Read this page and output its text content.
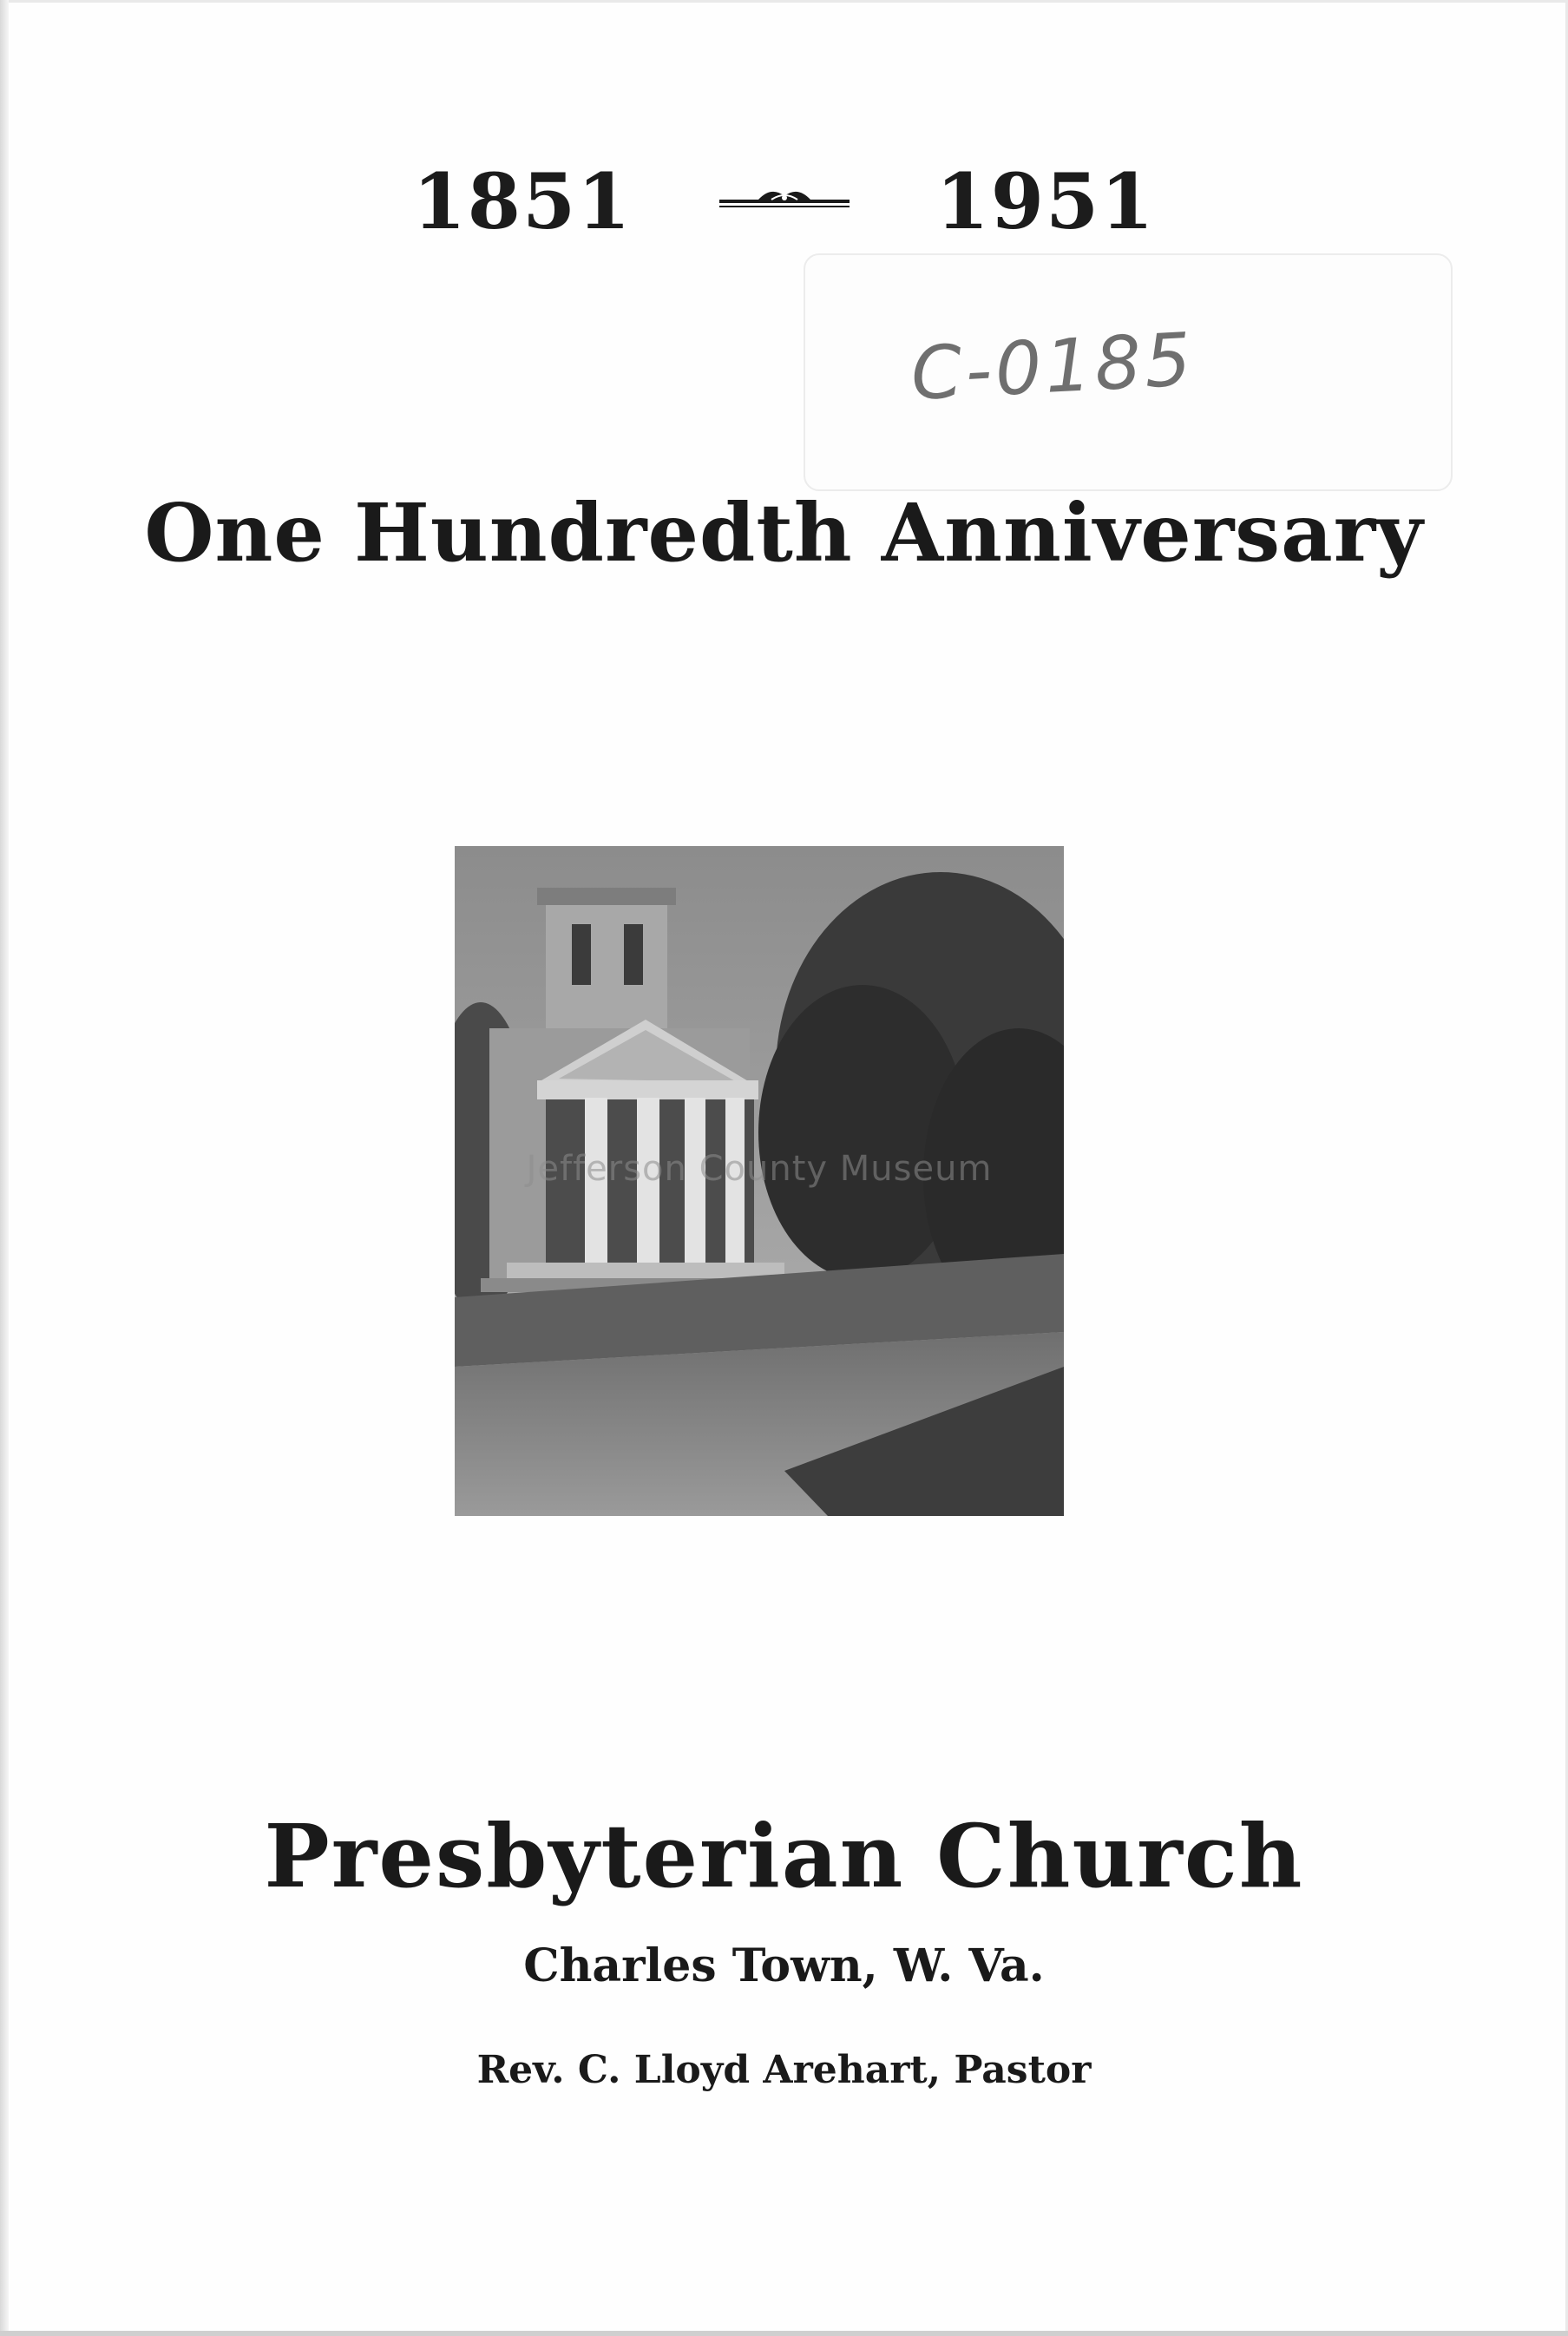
1851	1951
C-0185
One Hundredth Anniversary
Jefferson County Museum
Presbyterian Church
Charles Town, W. Va.
Rev. C. Lloyd Arehart, Pastor
